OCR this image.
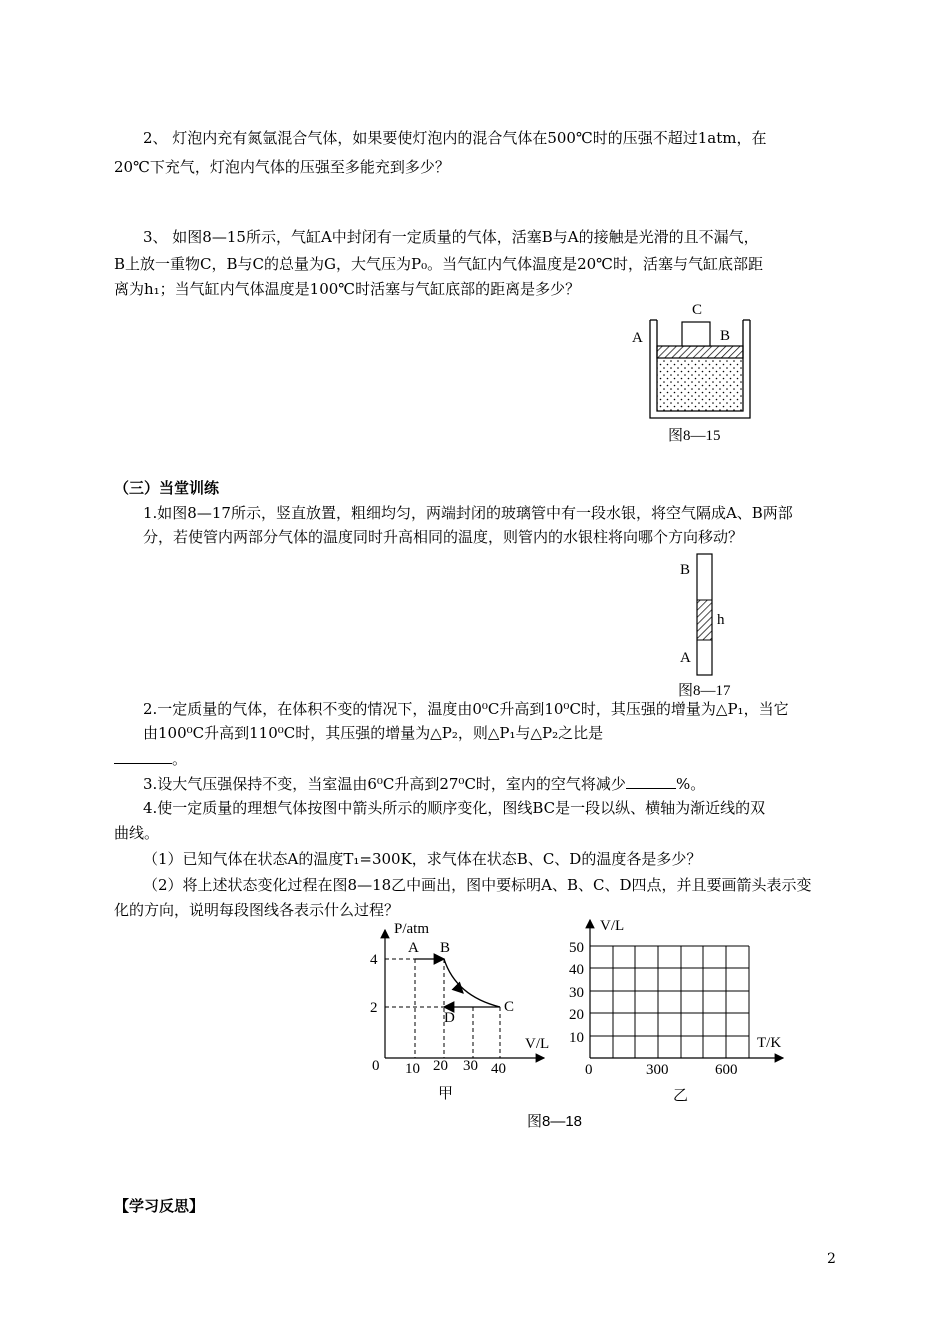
2、 灯泡内充有氮氩混合气体，如果要使灯泡内的混合气体在500℃时的压强不超过1atm，在
20℃下充气，灯泡内气体的压强至多能充到多少？
3、 如图8—15所示，气缸A中封闭有一定质量的气体，活塞B与A的接触是光滑的且不漏气，
B上放一重物C，B与C的总量为G，大气压为P₀。当气缸内气体温度是20℃时，活塞与气缸底部距
离为h₁；当气缸内气体温度是100℃时活塞与气缸底部的距离是多少？
C
A	B
图8—15
（三）当堂训练
1.如图8—17所示，竖直放置，粗细均匀，两端封闭的玻璃管中有一段水银，将空气隔成A、B两部
分，若使管内两部分气体的温度同时升高相同的温度，则管内的水银柱将向哪个方向移动？
B
h
A
图8—17
2.一定质量的气体，在体积不变的情况下，温度由0⁰C升高到10⁰C时，其压强的增量为△P₁，当它
由100⁰C升高到110⁰C时，其压强的增量为△P₂，则△P₁与△P₂之比是
。
3.设大气压强保持不变，当室温由6⁰C升高到27⁰C时，室内的空气将减少	%。
4.使一定质量的理想气体按图中箭头所示的顺序变化，图线BC是一段以纵、横轴为渐近线的双
曲线。
（1）已知气体在状态A的温度T₁=300K，求气体在状态B、C、D的温度各是多少？
（2）将上述状态变化过程在图8—18乙中画出，图中要标明A、B、C、D四点，并且要画箭头表示变
化的方向，说明每段图线各表示什么过程？
P/atm
V/L
0
4
2
10 20 30 40
A B
C
D
甲
V/L
T/K
0
50
40
30
20
10
300	600
乙
图8—18
【学习反思】
2
